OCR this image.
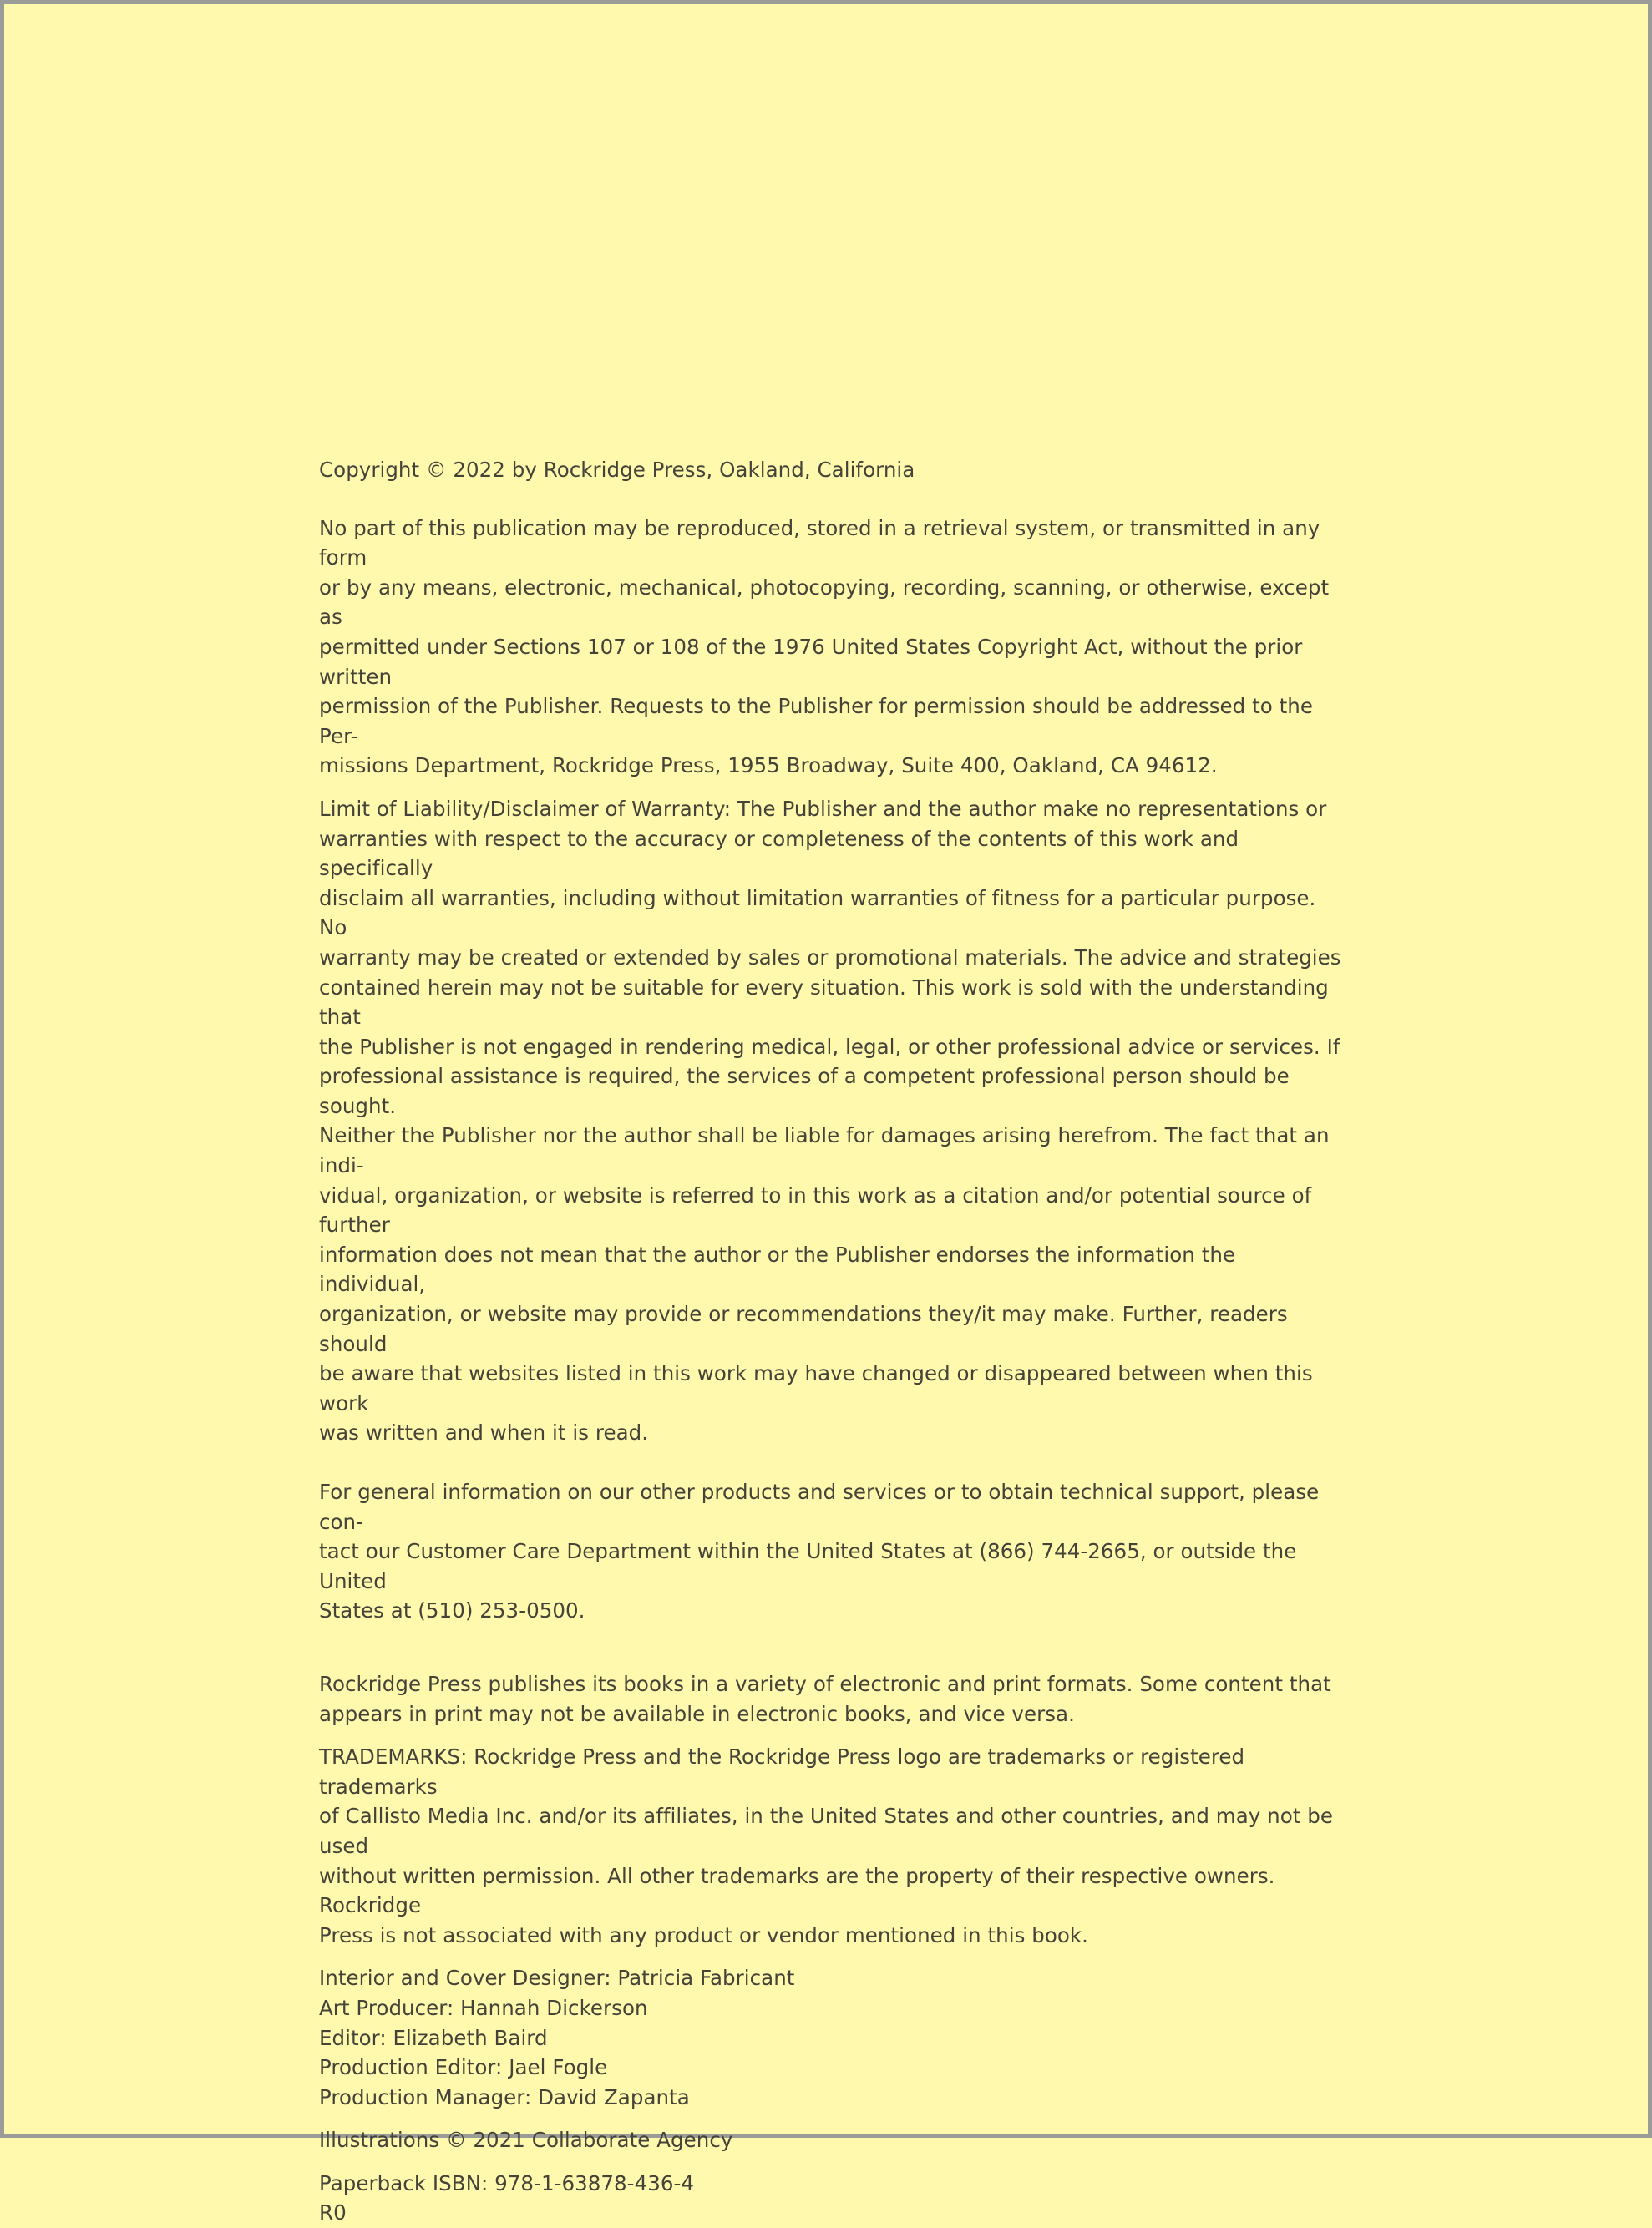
Copyright © 2022 by Rockridge Press, Oakland, California

No part of this publication may be reproduced, stored in a retrieval system, or transmitted in any form
or by any means, electronic, mechanical, photocopying, recording, scanning, or otherwise, except as
permitted under Sections 107 or 108 of the 1976 United States Copyright Act, without the prior written
permission of the Publisher. Requests to the Publisher for permission should be addressed to the Per-
missions Department, Rockridge Press, 1955 Broadway, Suite 400, Oakland, CA 94612.

Limit of Liability/Disclaimer of Warranty: The Publisher and the author make no representations or
warranties with respect to the accuracy or completeness of the contents of this work and specifically
disclaim all warranties, including without limitation warranties of fitness for a particular purpose. No
warranty may be created or extended by sales or promotional materials. The advice and strategies
contained herein may not be suitable for every situation. This work is sold with the understanding that
the Publisher is not engaged in rendering medical, legal, or other professional advice or services. If
professional assistance is required, the services of a competent professional person should be sought.
Neither the Publisher nor the author shall be liable for damages arising herefrom. The fact that an indi-
vidual, organization, or website is referred to in this work as a citation and/or potential source of further
information does not mean that the author or the Publisher endorses the information the individual,
organization, or website may provide or recommendations they/it may make. Further, readers should
be aware that websites listed in this work may have changed or disappeared between when this work
was written and when it is read.

For general information on our other products and services or to obtain technical support, please con-
tact our Customer Care Department within the United States at (866) 744-2665, or outside the United
States at (510) 253-0500.

Rockridge Press publishes its books in a variety of electronic and print formats. Some content that
appears in print may not be available in electronic books, and vice versa.

TRADEMARKS: Rockridge Press and the Rockridge Press logo are trademarks or registered trademarks
of Callisto Media Inc. and/or its affiliates, in the United States and other countries, and may not be used
without written permission. All other trademarks are the property of their respective owners. Rockridge
Press is not associated with any product or vendor mentioned in this book.

Interior and Cover Designer: Patricia Fabricant
Art Producer: Hannah Dickerson
Editor: Elizabeth Baird
Production Editor: Jael Fogle
Production Manager: David Zapanta

Illustrations © 2021 Collaborate Agency

Paperback ISBN: 978-1-63878-436-4

R0
